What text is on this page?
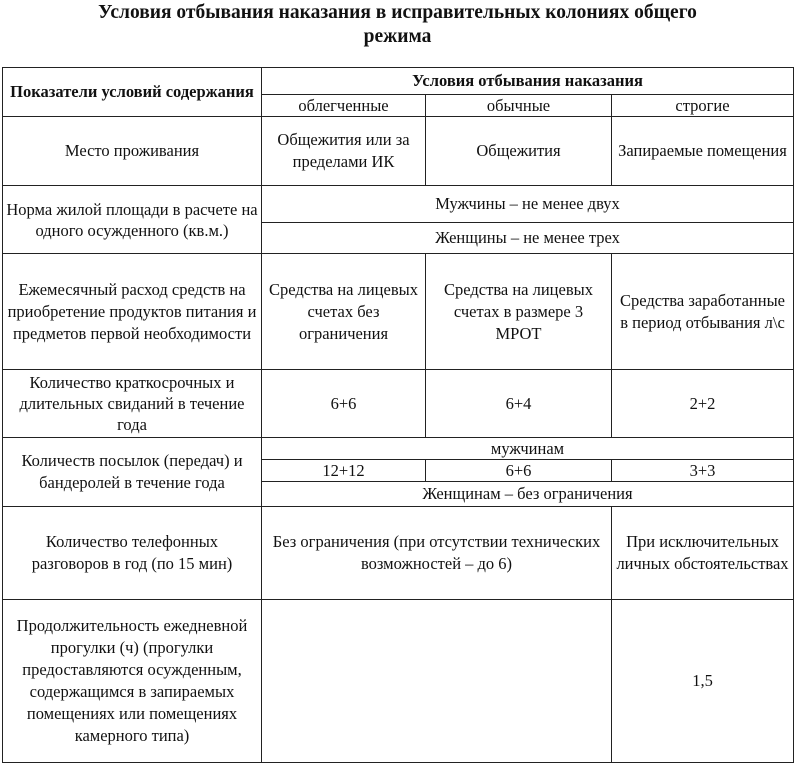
Условия отбывания наказания в исправительных колониях общего
режима
Показатели условий содержания	Условия отбывания наказания		
	облегченные	обычные	строгие
Место проживания	Общежития или за пределами ИК	Общежития	Запираемые помещения
Норма жилой площади в расчете на одного осужденного (кв.м.)	Мужчины – не менее двух		
	Женщины – не менее трех		
Ежемесячный расход средств на приобретение продуктов питания и предметов первой необходимости	Средства на лицевых счетах без ограничения	Средства на лицевых счетах в размере 3 МРОТ	Средства заработанные в период отбывания л\с
Количество краткосрочных и длительных свиданий в течение года	6+6	6+4	2+2
Количеств посылок (передач) и бандеролей в течение года	мужчинам		
	12+12	6+6	3+3
	Женщинам – без ограничения		
Количество телефонных разговоров в год (по 15 мин)	Без ограничения (при отсутствии технических возможностей – до 6)		При исключительных личных обстоятельствах
Продолжительность ежедневной прогулки (ч) (прогулки предоставляются осужденным, содержащимся в запираемых помещениях или помещениях камерного типа)			1,5
